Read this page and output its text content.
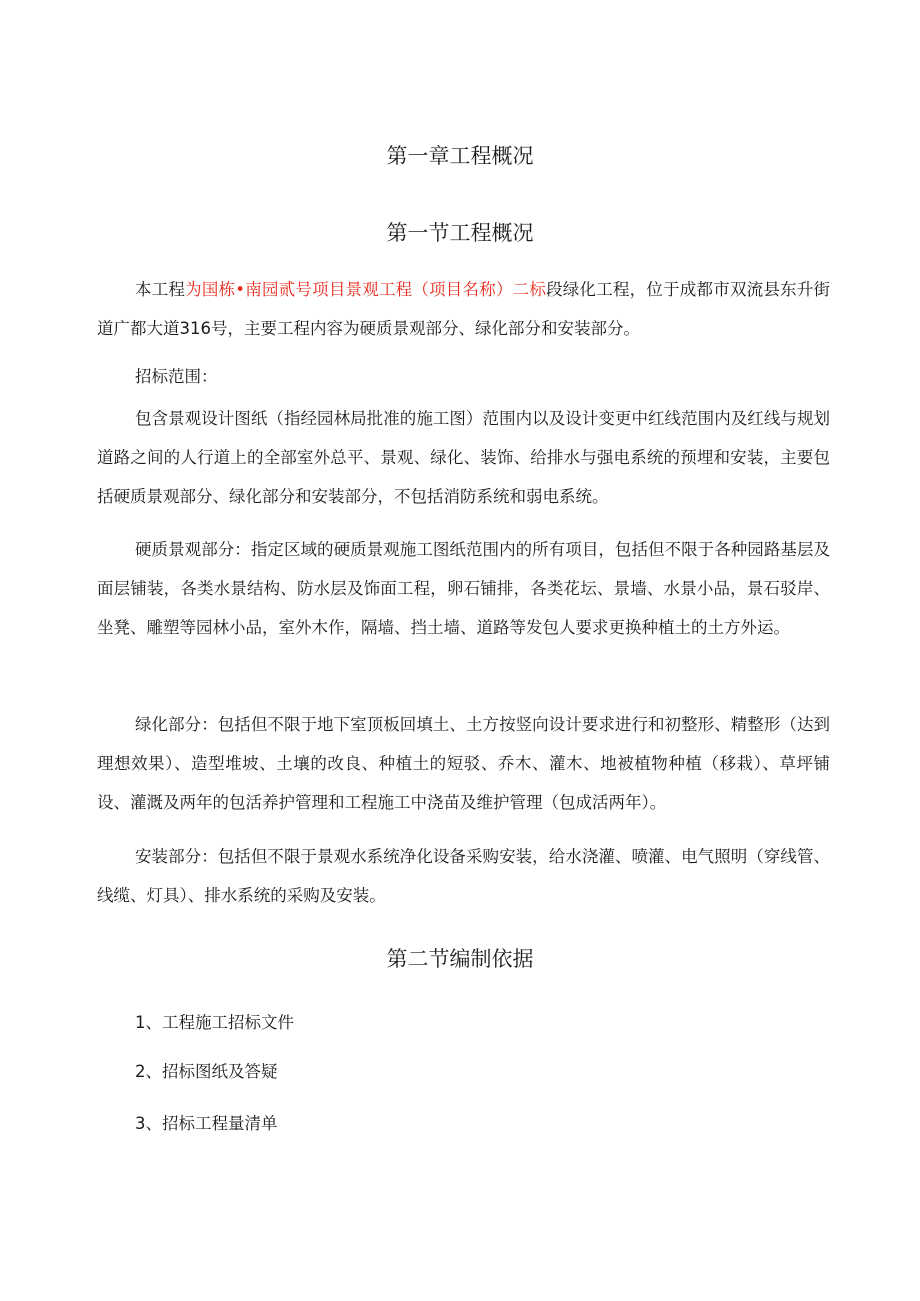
第一章工程概况
第一节工程概况

本工程为国栋•南园贰号项目景观工程（项目名称）二标段绿化工程，位于成都市双流县东升街道广都大道316号，主要工程内容为硬质景观部分、绿化部分和安装部分。

招标范围：

包含景观设计图纸（指经园林局批准的施工图）范围内以及设计变更中红线范围内及红线与规划道路之间的人行道上的全部室外总平、景观、绿化、装饰、给排水与强电系统的预埋和安装，主要包括硬质景观部分、绿化部分和安装部分，不包括消防系统和弱电系统。

硬质景观部分：指定区域的硬质景观施工图纸范围内的所有项目，包括但不限于各种园路基层及面层铺装，各类水景结构、防水层及饰面工程，卵石铺排，各类花坛、景墙、水景小品，景石驳岸、坐凳、雕塑等园林小品，室外木作，隔墙、挡土墙、道路等发包人要求更换种植土的土方外运。

绿化部分：包括但不限于地下室顶板回填土、土方按竖向设计要求进行和初整形、精整形（达到理想效果）、造型堆坡、土壤的改良、种植土的短驳、乔木、灌木、地被植物种植（移栽）、草坪铺设、灌溉及两年的包活养护管理和工程施工中浇苗及维护管理（包成活两年）。

安装部分：包括但不限于景观水系统净化设备采购安装，给水浇灌、喷灌、电气照明（穿线管、线缆、灯具）、排水系统的采购及安装。

第二节编制依据

1、工程施工招标文件

2、招标图纸及答疑

3、招标工程量清单
